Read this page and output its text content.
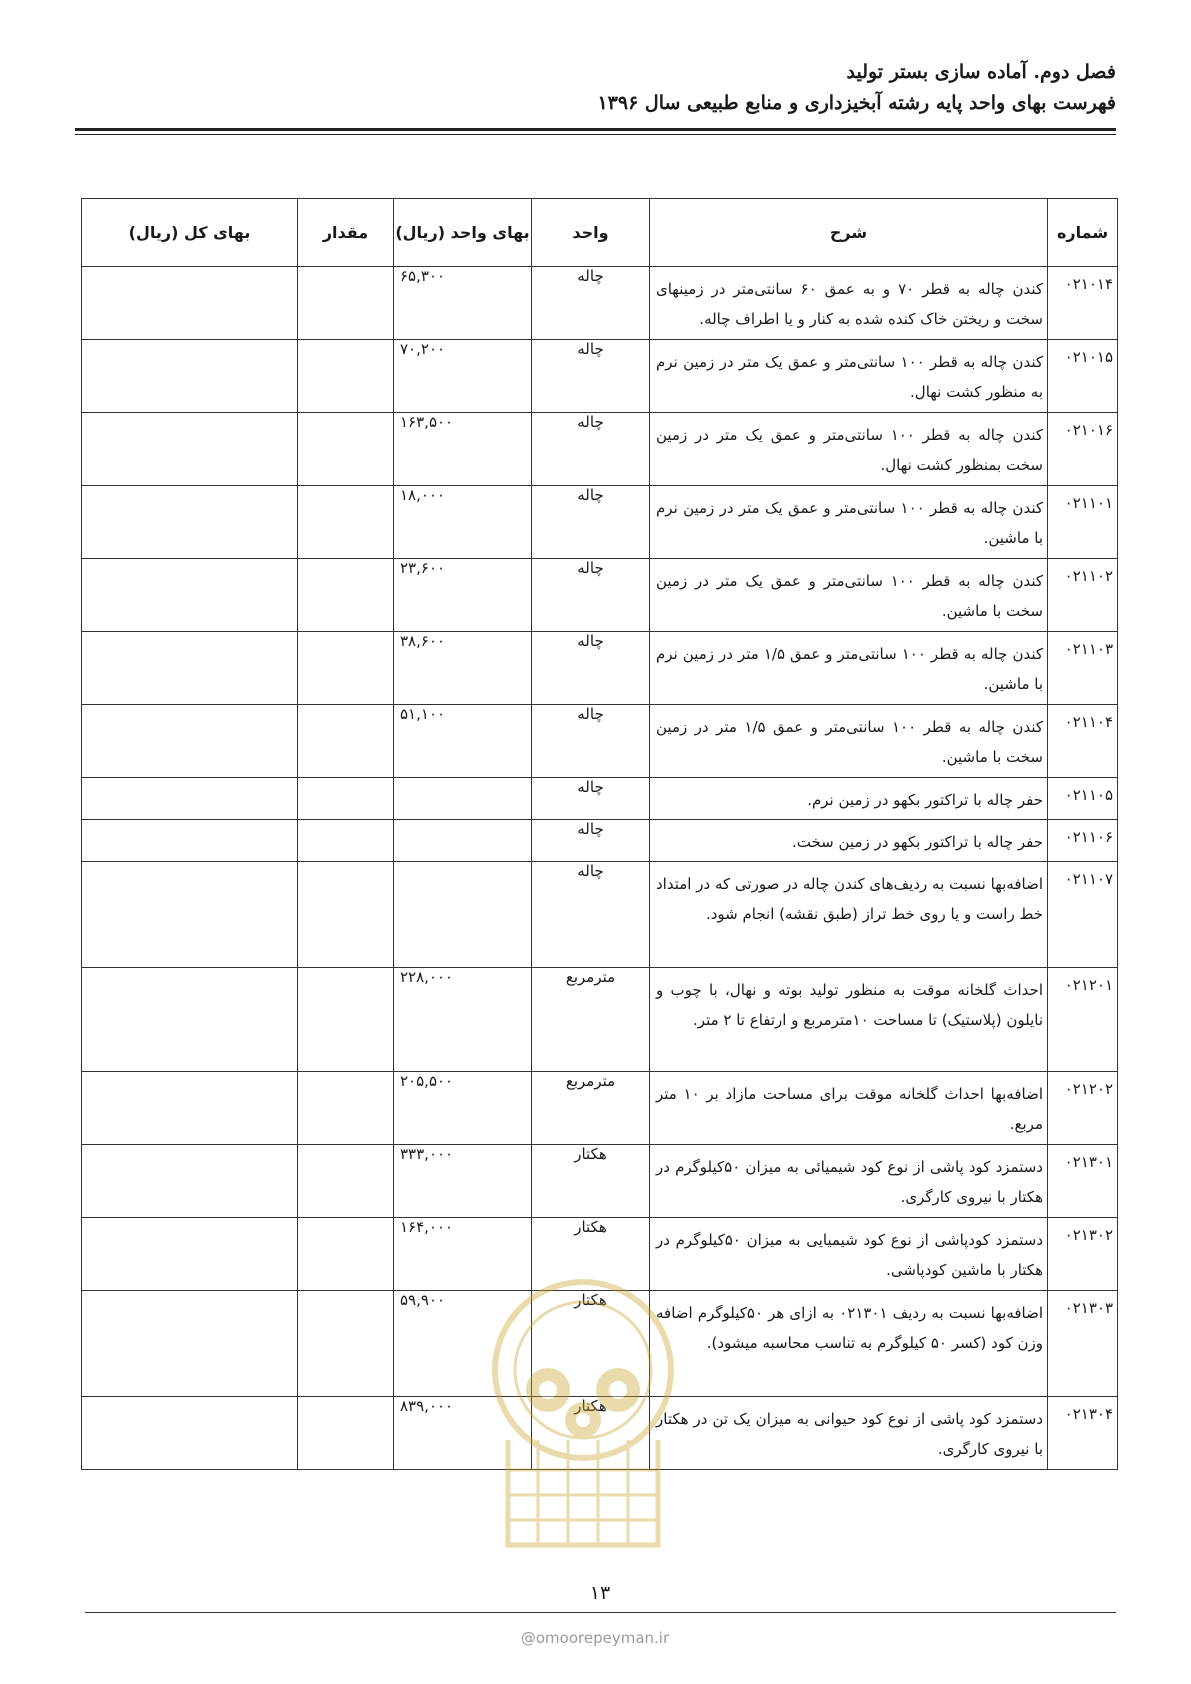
فصل دوم. آماده سازی بستر تولید
فهرست بهای واحد پایه رشته آبخیزداری و منابع طبیعی سال ۱۳۹۶
شماره	شرح	واحد	بهای واحد (ریال)	مقدار	بهای کل (ریال)
۰۲۱۰۱۴	کندن چاله به قطر ۷۰ و به عمق ۶۰ سانتی‌متر در زمینهای سخت و ریختن خاک کنده شده به کنار و یا اطراف چاله.	چاله	۶۵,۳۰۰		
۰۲۱۰۱۵	کندن چاله به قطر ۱۰۰ سانتی‌متر و عمق یک متر در زمین نرم به منظور کشت نهال.	چاله	۷۰,۲۰۰		
۰۲۱۰۱۶	کندن چاله به قطر ۱۰۰ سانتی‌متر و عمق یک متر در زمین سخت بمنظور کشت نهال.	چاله	۱۶۳,۵۰۰		
۰۲۱۱۰۱	کندن چاله به قطر ۱۰۰ سانتی‌متر و عمق یک متر در زمین نرم با ماشین.	چاله	۱۸,۰۰۰		
۰۲۱۱۰۲	کندن چاله به قطر ۱۰۰ سانتی‌متر و عمق یک متر در زمین سخت با ماشین.	چاله	۲۳,۶۰۰		
۰۲۱۱۰۳	کندن چاله به قطر ۱۰۰ سانتی‌متر و عمق ۱/۵ متر در زمین نرم با ماشین.	چاله	۳۸,۶۰۰		
۰۲۱۱۰۴	کندن چاله به قطر ۱۰۰ سانتی‌متر و عمق ۱/۵ متر در زمین سخت با ماشین.	چاله	۵۱,۱۰۰		
۰۲۱۱۰۵	حفر چاله با تراکتور بکهو در زمین نرم.	چاله			
۰۲۱۱۰۶	حفر چاله با تراکتور بکهو در زمین سخت.	چاله			
۰۲۱۱۰۷	اضافه‌بها نسبت به ردیف‌های کندن چاله در صورتی که در امتداد خط راست و یا روی خط تراز (طبق نقشه) انجام شود.	چاله			
۰۲۱۲۰۱	احداث گلخانه موقت به منظور تولید بوته و نهال، با چوب و نایلون (پلاستیک) تا مساحت ۱۰مترمربع و ارتفاع تا ۲ متر.	مترمربع	۲۲۸,۰۰۰		
۰۲۱۲۰۲	اضافه‌بها احداث گلخانه موقت برای مساحت مازاد بر ۱۰ متر مربع.	مترمربع	۲۰۵,۵۰۰		
۰۲۱۳۰۱	دستمزد کود پاشی از نوع کود شیمیائی به میزان ۵۰کیلوگرم در هکتار با نیروی کارگری.	هکتار	۳۳۳,۰۰۰		
۰۲۱۳۰۲	دستمزد کودپاشی از نوع کود شیمیایی به میزان ۵۰کیلوگرم در هکتار با ماشین کودپاشی.	هکتار	۱۶۴,۰۰۰		
۰۲۱۳۰۳	اضافه‌بها نسبت به ردیف ۰۲۱۳۰۱ به ازای هر ۵۰کیلوگرم اضافه وزن کود (کسر ۵۰ کیلوگرم به تناسب محاسبه میشود).	هکتار	۵۹,۹۰۰		
۰۲۱۳۰۴	دستمزد کود پاشی از نوع کود حیوانی به میزان یک تن در هکتار با نیروی کارگری.	هکتار	۸۳۹,۰۰۰		
۱۳
@omoorepeyman.ir
